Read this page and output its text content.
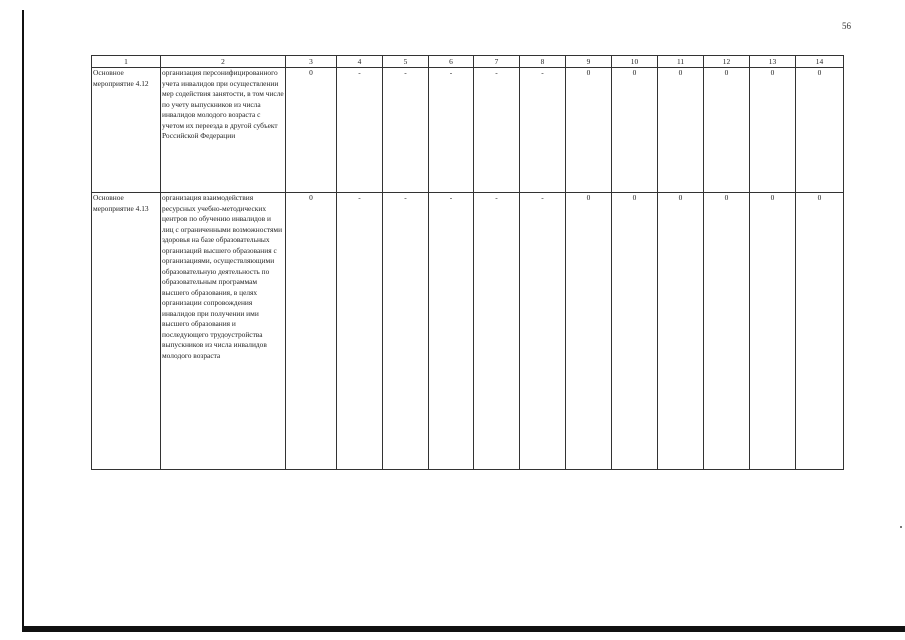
56
1	2	3	4	5	6	7	8	9	10	11	12	13	14
Основное мероприятие 4.12	организация персонифицированного учета инвалидов при осуществлении мер содействия занятости, в том числе по учету выпускников из числа инвалидов молодого возраста с учетом их переезда в другой субъект Российской Федерации	0	-	-	-	-	-	0	0	0	0	0	0
Основное мероприятие 4.13	организация взаимодействия ресурсных учебно-методических центров по обучению инвалидов и лиц с ограниченными возможностями здоровья на базе образовательных организаций высшего образования с организациями, осуществляющими образовательную деятельность по образовательным программам высшего образования, в целях организации сопровождения инвалидов при получении ими высшего образования и последующего трудоустройства выпускников из числа инвалидов молодого возраста	0	-	-	-	-	-	0	0	0	0	0	0
